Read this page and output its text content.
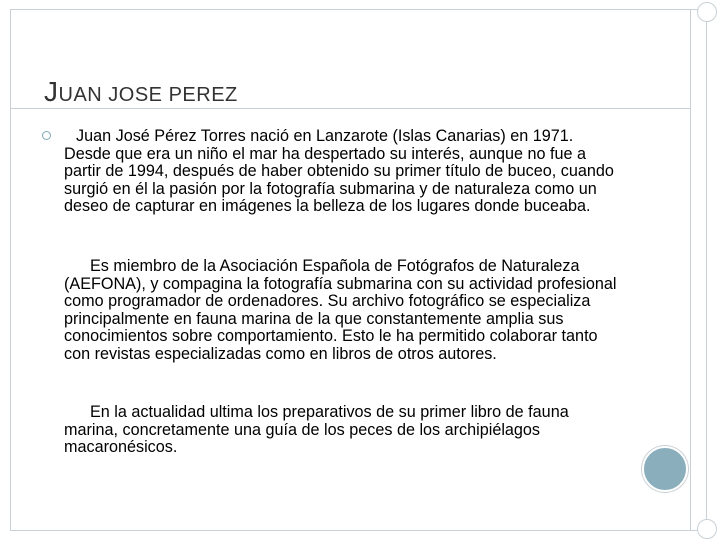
JUAN JOSE PEREZ
Juan José Pérez Torres nació en Lanzarote (Islas Canarias) en 1971. Desde que era un niño el mar ha despertado su interés, aunque no fue a partir de 1994, después de haber obtenido su primer título de buceo, cuando surgió en él la pasión por la fotografía submarina y de naturaleza como un deseo de capturar en imágenes la belleza de los lugares donde buceaba.
Es miembro de la Asociación Española de Fotógrafos de Naturaleza (AEFONA), y compagina la fotografía submarina con su actividad profesional como programador de ordenadores. Su archivo fotográfico se especializa principalmente en fauna marina de la que constantemente amplia sus conocimientos sobre comportamiento. Esto le ha permitido colaborar tanto con revistas especializadas como en libros de otros autores.
En la actualidad ultima los preparativos de su primer libro de fauna marina, concretamente una guía de los peces de los archipiélagos macaronésicos.
